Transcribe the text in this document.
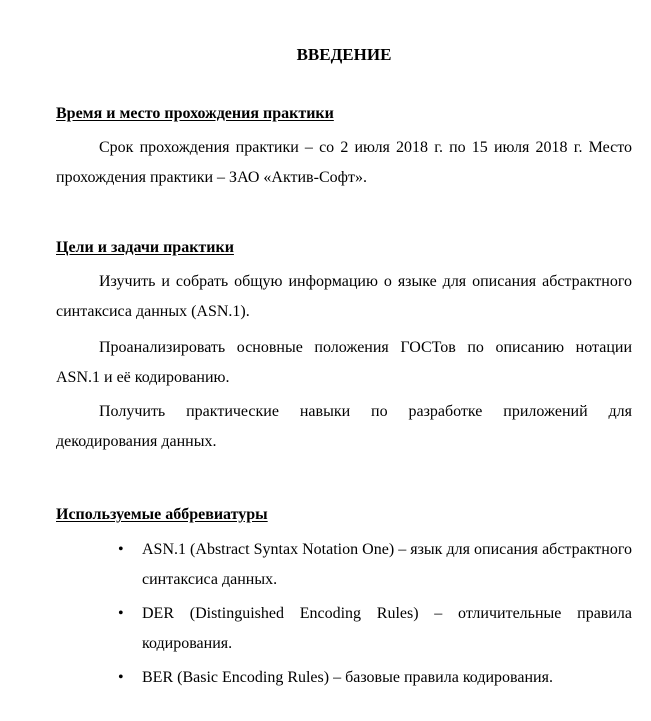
ВВЕДЕНИЕ
Время и место прохождения практики

Срок прохождения практики – со 2 июля 2018 г. по 15 июля 2018 г. Место прохождения практики – ЗАО «Актив-Софт».

Цели и задачи практики

Изучить и собрать общую информацию о языке для описания абстрактного синтаксиса данных (ASN.1).

Проанализировать основные положения ГОСТов по описанию нотации ASN.1 и её кодированию.

Получить практические навыки по разработке приложений для декодирования данных.

Используемые аббревиатуры
• ASN.1 (Abstract Syntax Notation One) – язык для описания абстрактного синтаксиса данных.
• DER (Distinguished Encoding Rules) – отличительные правила кодирования.
• BER (Basic Encoding Rules) – базовые правила кодирования.
